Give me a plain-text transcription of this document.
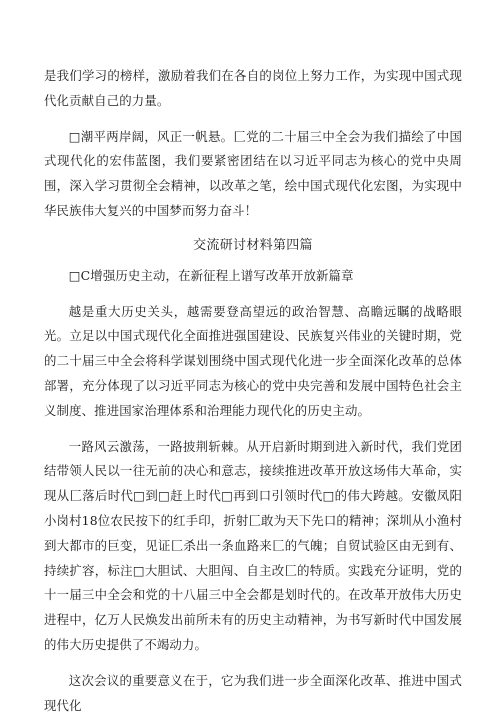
是我们学习的榜样，激励着我们在各自的岗位上努力工作，为实现中国式现代化贡献自己的力量。

□潮平两岸阔，风正一帆悬。匚党的二十届三中全会为我们描绘了中国式现代化的宏伟蓝图，我们要紧密团结在以习近平同志为核心的党中央周围，深入学习贯彻全会精神，以改革之笔，绘中国式现代化宏图，为实现中华民族伟大复兴的中国梦而努力奋斗！

交流研讨材料第四篇

□C增强历史主动，在新征程上谱写改革开放新篇章

越是重大历史关头，越需要登高望远的政治智慧、高瞻远瞩的战略眼光。立足以中国式现代化全面推进强国建设、民族复兴伟业的关键时期，党的二十届三中全会将科学谋划围绕中国式现代化进一步全面深化改革的总体部署，充分体现了以习近平同志为核心的党中央完善和发展中国特色社会主义制度、推进国家治理体系和治理能力现代化的历史主动。

一路风云激荡，一路披荆斩棘。从开启新时期到进入新时代，我们党团结带领人民以一往无前的决心和意志，接续推进改革开放这场伟大革命，实现从匚落后时代□到□赶上时代□再到口引领时代□的伟大跨越。安徽凤阳小岗村18位农民按下的红手印，折射匚敢为天下先口的精神；深圳从小渔村到大都市的巨变，见证匚杀出一条血路来匚的气魄；自贸试验区由无到有、持续扩容，标注□大胆试、大胆闯、自主改匚的特质。实践充分证明，党的十一届三中全会和党的十八届三中全会都是划时代的。在改革开放伟大历史进程中，亿万人民焕发出前所未有的历史主动精神，为书写新时代中国发展的伟大历史提供了不竭动力。

这次会议的重要意义在于，它为我们进一步全面深化改革、推进中国式现代化
